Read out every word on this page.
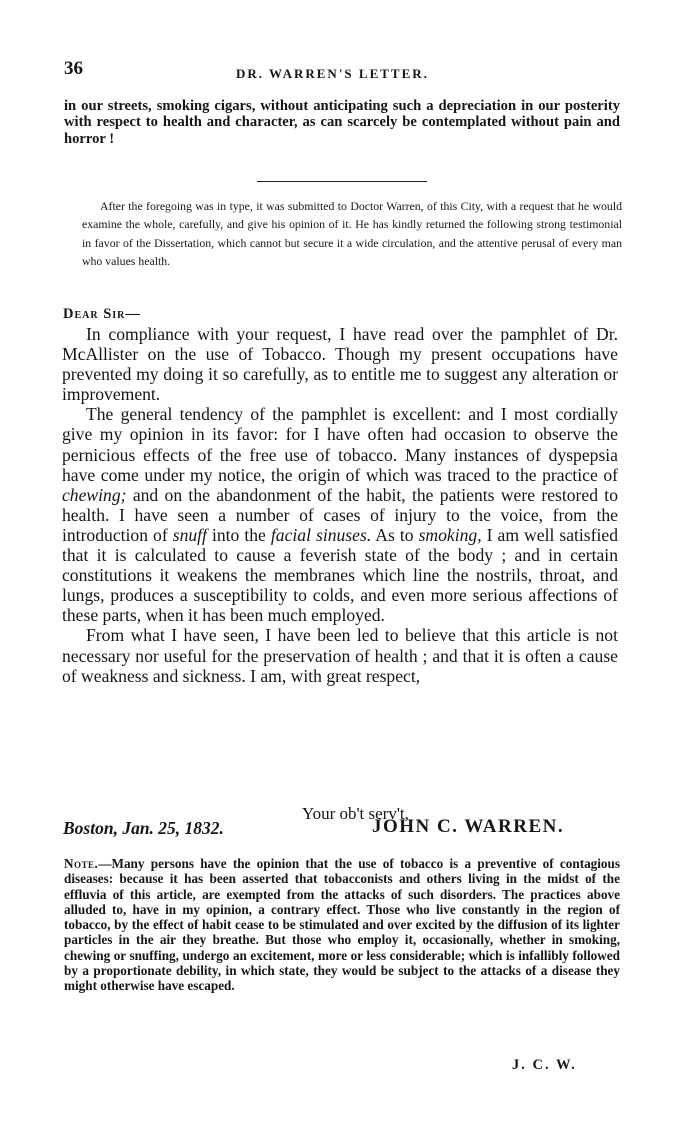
36	DR. WARREN'S LETTER.
in our streets, smoking cigars, without anticipating such a depreciation in our posterity with respect to health and character, as can scarcely be contemplated without pain and horror !
After the foregoing was in type, it was submitted to Doctor Warren, of this City, with a request that he would examine the whole, carefully, and give his opinion of it. He has kindly returned the following strong testimonial in favor of the Dissertation, which cannot but secure it a wide circulation, and the attentive perusal of every man who values health.
Dear Sir—

In compliance with your request, I have read over the pamphlet of Dr. McAllister on the use of Tobacco. Though my present occupations have prevented my doing it so carefully, as to entitle me to suggest any alteration or improvement.

The general tendency of the pamphlet is excellent: and I most cordially give my opinion in its favor: for I have often had occasion to observe the pernicious effects of the free use of tobacco. Many instances of dyspepsia have come under my notice, the origin of which was traced to the practice of chewing; and on the abandonment of the habit, the patients were restored to health. I have seen a number of cases of injury to the voice, from the introduction of snuff into the facial sinuses. As to smoking, I am well satisfied that it is calculated to cause a feverish state of the body ; and in certain constitutions it weakens the membranes which line the nostrils, throat, and lungs, produces a susceptibility to colds, and even more serious affections of these parts, when it has been much employed.

From what I have seen, I have been led to believe that this article is not necessary nor useful for the preservation of health ; and that it is often a cause of weakness and sickness. I am, with great respect,

Your ob't serv't,
Boston, Jan. 25, 1832.	JOHN C. WARREN.
Note.—Many persons have the opinion that the use of tobacco is a preventive of contagious diseases: because it has been asserted that tobacconists and others living in the midst of the effluvia of this article, are exempted from the attacks of such disorders. The practices above alluded to, have in my opinion, a contrary effect. Those who live constantly in the region of tobacco, by the effect of habit cease to be stimulated and over excited by the diffusion of its lighter particles in the air they breathe. But those who employ it, occasionally, whether in smoking, chewing or snuffing, undergo an excitement, more or less considerable; which is infallibly followed by a proportionate debility, in which state, they would be subject to the attacks of a disease they might otherwise have escaped.
J. C. W.
